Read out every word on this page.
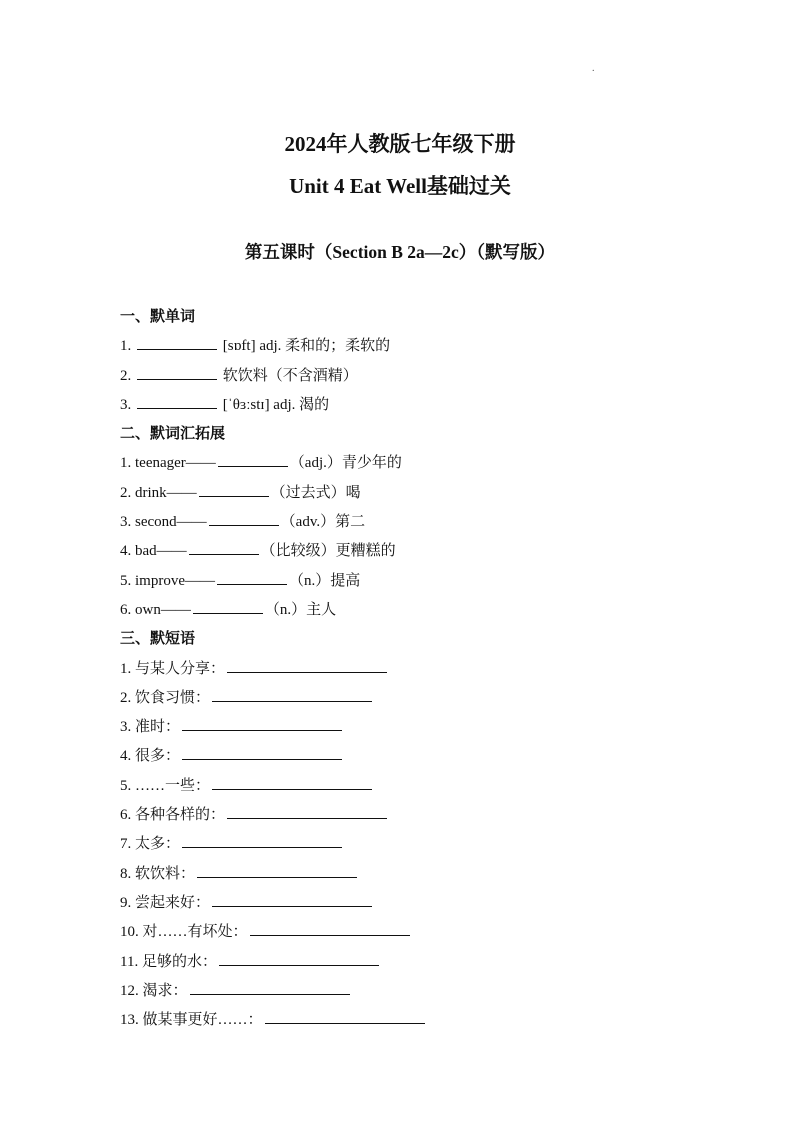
.
2024年人教版七年级下册
Unit 4 Eat Well基础过关
第五课时（Section B 2a—2c）（默写版）
一、默单词
1.	[sɒft] adj. 柔和的；柔软的
2.	软饮料（不含酒精）
3.	[ˈθɜːstɪ] adj. 渴的
二、默词汇拓展
1. teenager——	（adj.）青少年的
2. drink——	（过去式）喝
3. second——	（adv.）第二
4. bad——	（比较级）更糟糕的
5. improve——	（n.）提高
6. own——	（n.）主人
三、默短语
1. 与某人分享：
2. 饮食习惯：
3. 准时：
4. 很多：
5. ……一些：
6. 各种各样的：
7. 太多：
8. 软饮料：
9. 尝起来好：
10. 对……有坏处：
11. 足够的水：
12. 渴求：
13. 做某事更好……：
